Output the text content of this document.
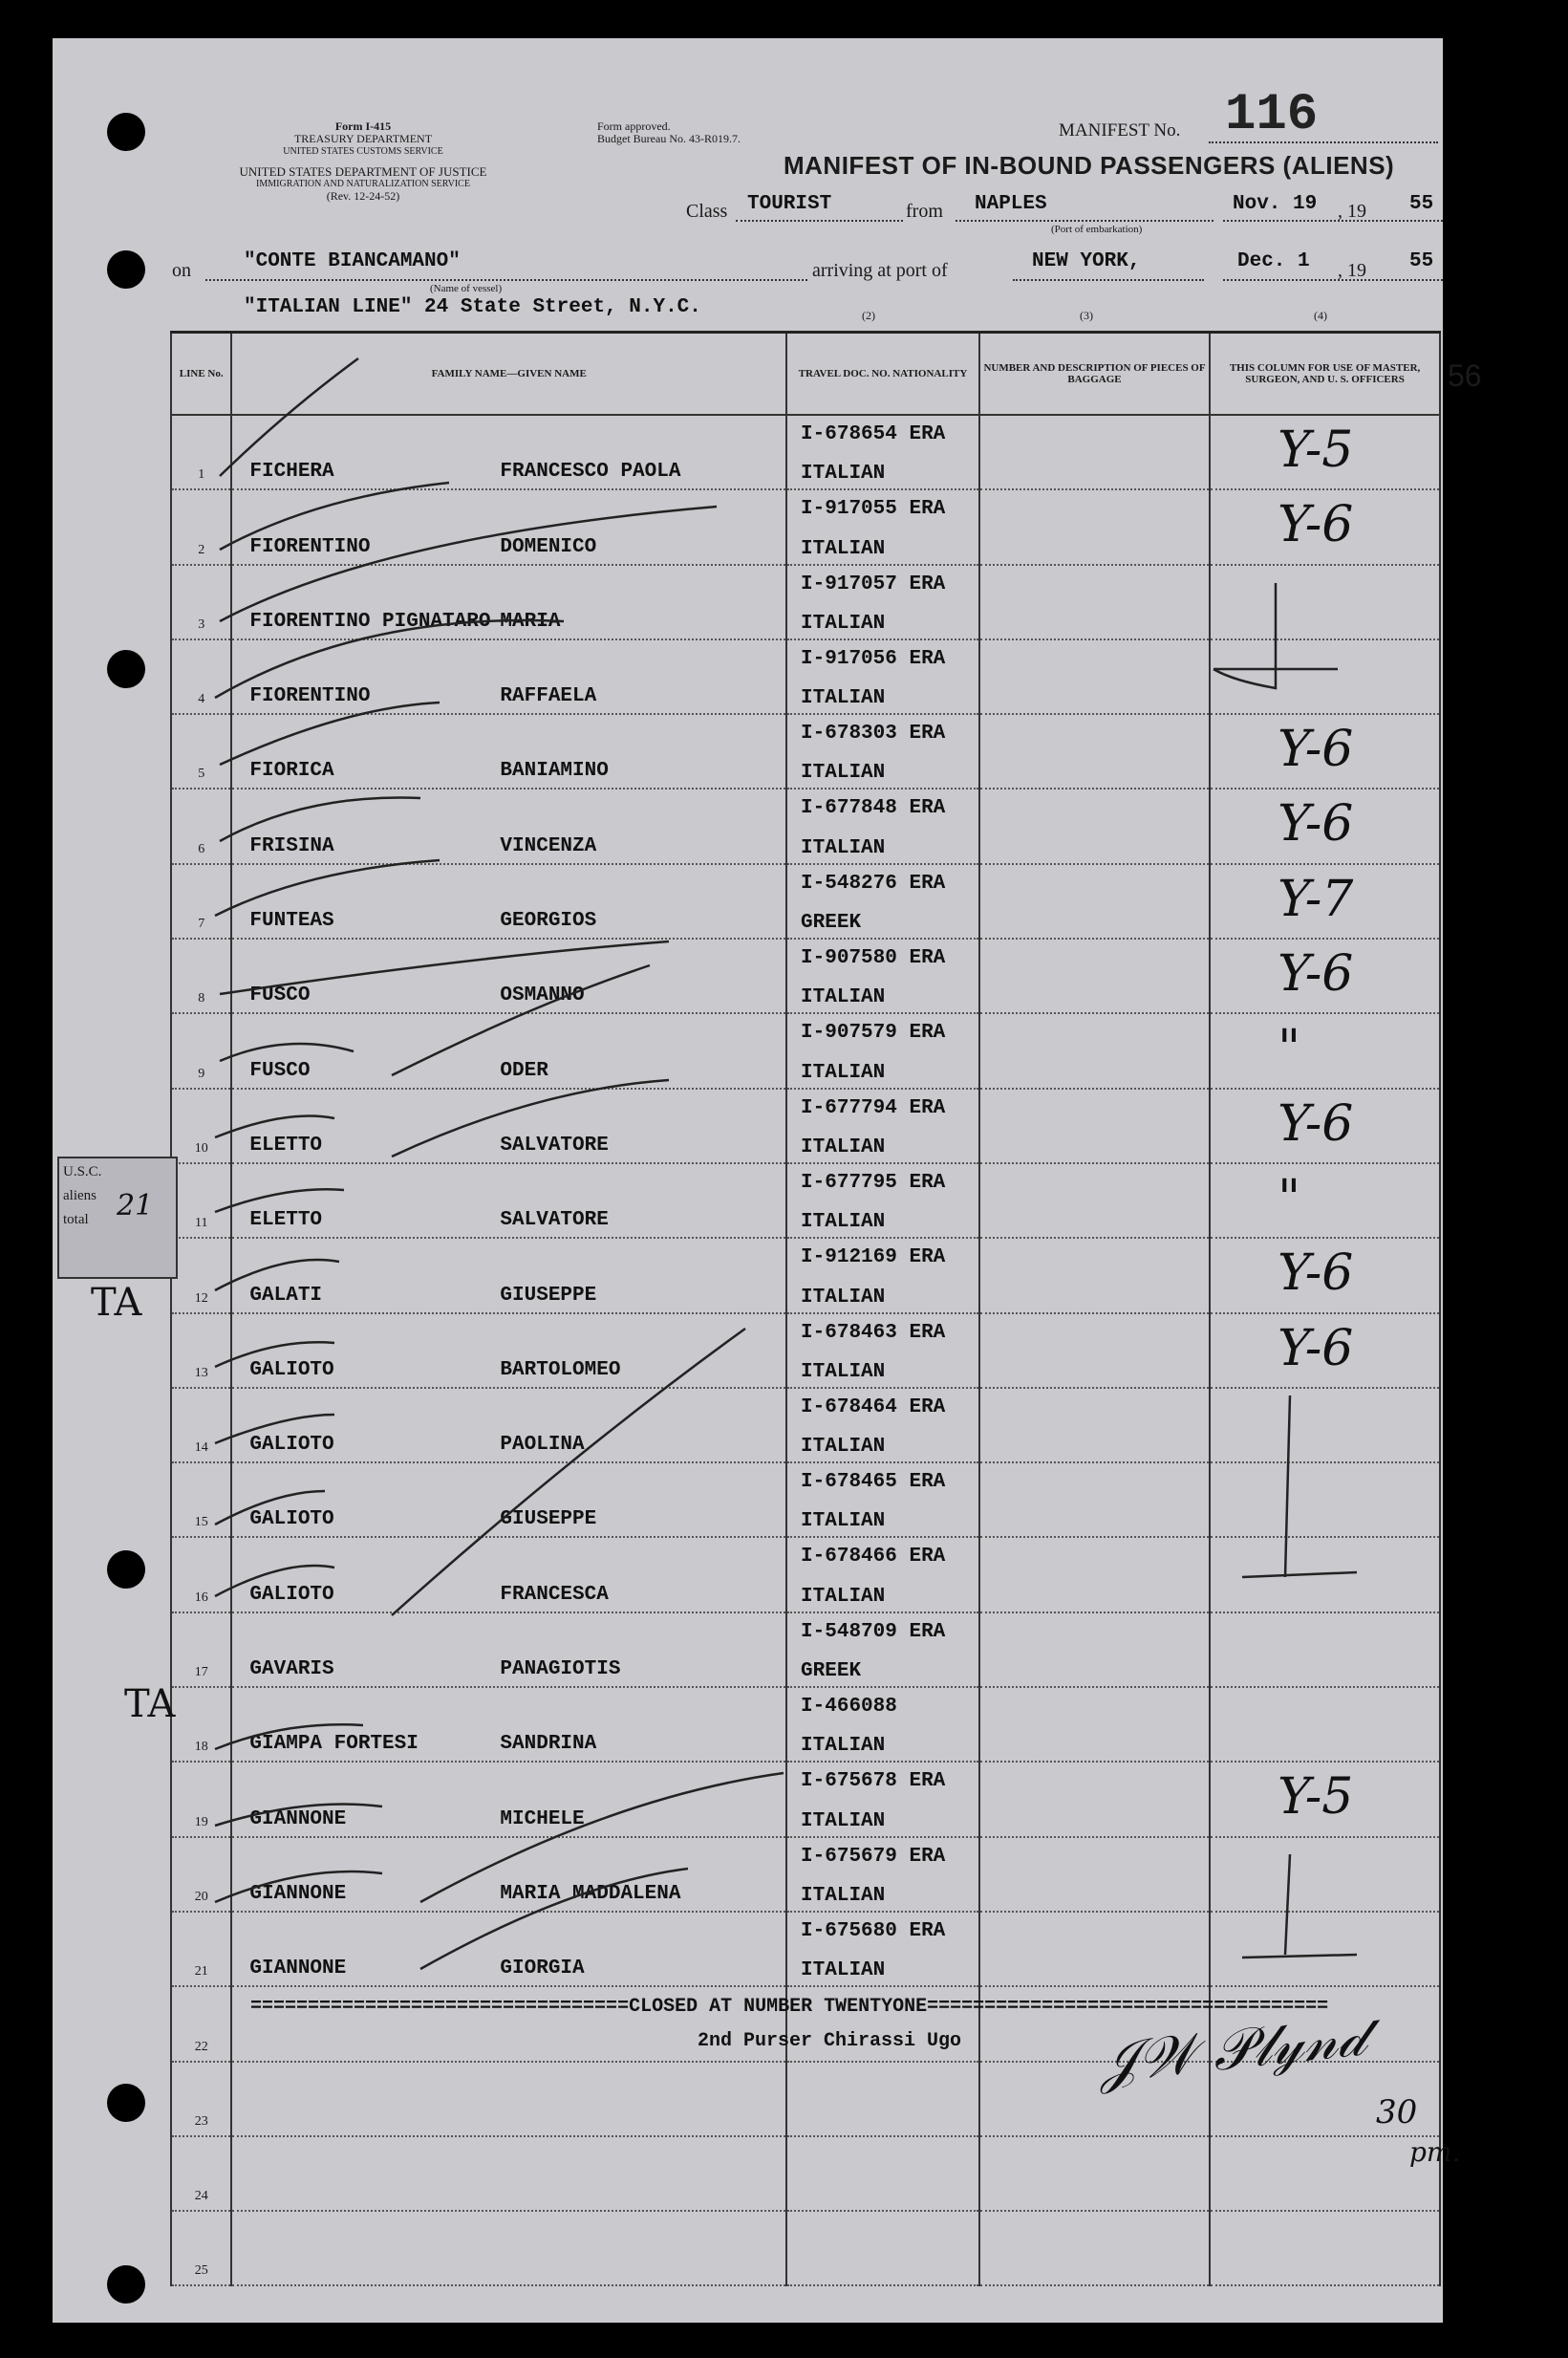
Form I-415
TREASURY DEPARTMENT
UNITED STATES CUSTOMS SERVICE
UNITED STATES DEPARTMENT OF JUSTICE
IMMIGRATION AND NATURALIZATION SERVICE
(Rev. 12-24-52)
Form approved.
Budget Bureau No. 43-R019.7.	MANIFEST No. 116
MANIFEST OF IN-BOUND PASSENGERS (ALIENS)
Class TOURIST	from NAPLES	Nov. 19 , 19 55
(Port of embarkation)
on	"CONTE BIANCAMANO"
(Name of vessel)
arriving at port of	NEW YORK,	Dec. 1 , 19 55
"ITALIAN LINE" 24 State Street, N.Y.C.	(2)	(3)	(4)
56
LINE No.	FAMILY NAME—GIVEN NAME	TRAVEL DOC. NO. NATIONALITY	NUMBER AND DESCRIPTION OF PIECES OF BAGGAGE	THIS COLUMN FOR USE OF MASTER, SURGEON, AND U. S. OFFICERS

1	FICHERA FRANCESCO PAOLA	I-678654 ERA
ITALIAN		Y-5

2	FIORENTINO DOMENICO	I-917055 ERA
ITALIAN		Y-6

3	FIORENTINO PIGNATARO MARIA	I-917057 ERA
ITALIAN		

4	FIORENTINO RAFFAELA	I-917056 ERA
ITALIAN		

5	FIORICA BANIAMINO	I-678303 ERA
ITALIAN		Y-6

6	FRISINA VINCENZA	I-677848 ERA
ITALIAN		Y-6

7	FUNTEAS GEORGIOS	I-548276 ERA
GREEK		Y-7

8	FUSCO OSMANNO	I-907580 ERA
ITALIAN		Y-6

9	FUSCO ODER	I-907579 ERA
ITALIAN		"

10	ELETTO SALVATORE	I-677794 ERA
ITALIAN		Y-6

11	ELETTO SALVATORE	I-677795 ERA
ITALIAN		"

12	GALATI GIUSEPPE	I-912169 ERA
ITALIAN		Y-6

13	GALIOTO BARTOLOMEO	I-678463 ERA
ITALIAN		Y-6

14	GALIOTO PAOLINA	I-678464 ERA
ITALIAN		

15	GALIOTO GIUSEPPE	I-678465 ERA
ITALIAN		

16	GALIOTO FRANCESCA	I-678466 ERA
ITALIAN		

17	GAVARIS PANAGIOTIS	I-548709 ERA
GREEK		

18	GIAMPA FORTESI SANDRINA	I-466088
ITALIAN		

19	GIANNONE MICHELE	I-675678 ERA
ITALIAN		Y-5

20	GIANNONE MARIA MADDALENA	I-675679 ERA
ITALIAN		

21	GIANNONE GIORGIA	I-675680 ERA
ITALIAN		

22				

23				

24				

25				

=================================CLOSED AT NUMBER TWENTYONE===================================
2nd Purser Chirassi Ugo 𝒥𝒲 𝒫𝓁𝓎𝓃𝒹
30
pm.
U.S.C.
aliens
total 21
TA
TA
